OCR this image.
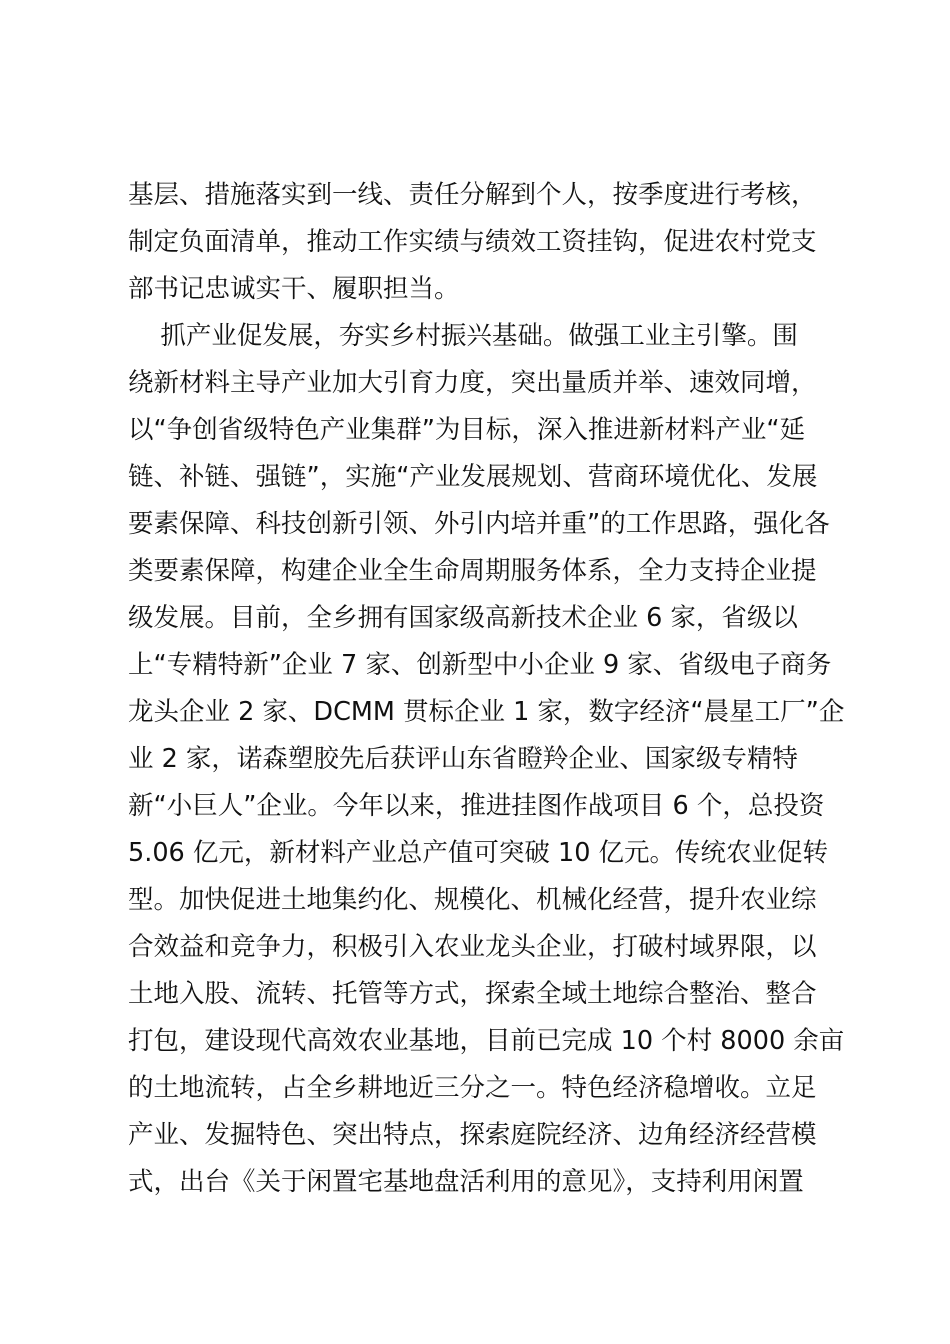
基层、措施落实到一线、责任分解到个人，按季度进行考核，
制定负面清单，推动工作实绩与绩效工资挂钩，促进农村党支
部书记忠诚实干、履职担当。
抓产业促发展，夯实乡村振兴基础。做强工业主引擎。围
绕新材料主导产业加大引育力度，突出量质并举、速效同增，
以“争创省级特色产业集群”为目标，深入推进新材料产业“延
链、补链、强链”，实施“产业发展规划、营商环境优化、发展
要素保障、科技创新引领、外引内培并重”的工作思路，强化各
类要素保障，构建企业全生命周期服务体系，全力支持企业提
级发展。目前，全乡拥有国家级高新技术企业 6 家，省级以
上“专精特新”企业 7 家、创新型中小企业 9 家、省级电子商务
龙头企业 2 家、DCMM 贯标企业 1 家，数字经济“晨星工厂”企
业 2 家，诺森塑胶先后获评山东省瞪羚企业、国家级专精特
新“小巨人”企业。今年以来，推进挂图作战项目 6 个，总投资
5.06 亿元，新材料产业总产值可突破 10 亿元。传统农业促转
型。加快促进土地集约化、规模化、机械化经营，提升农业综
合效益和竞争力，积极引入农业龙头企业，打破村域界限，以
土地入股、流转、托管等方式，探索全域土地综合整治、整合
打包，建设现代高效农业基地，目前已完成 10 个村 8000 余亩
的土地流转，占全乡耕地近三分之一。特色经济稳增收。立足
产业、发掘特色、突出特点，探索庭院经济、边角经济经营模
式，出台《关于闲置宅基地盘活利用的意见》，支持利用闲置
